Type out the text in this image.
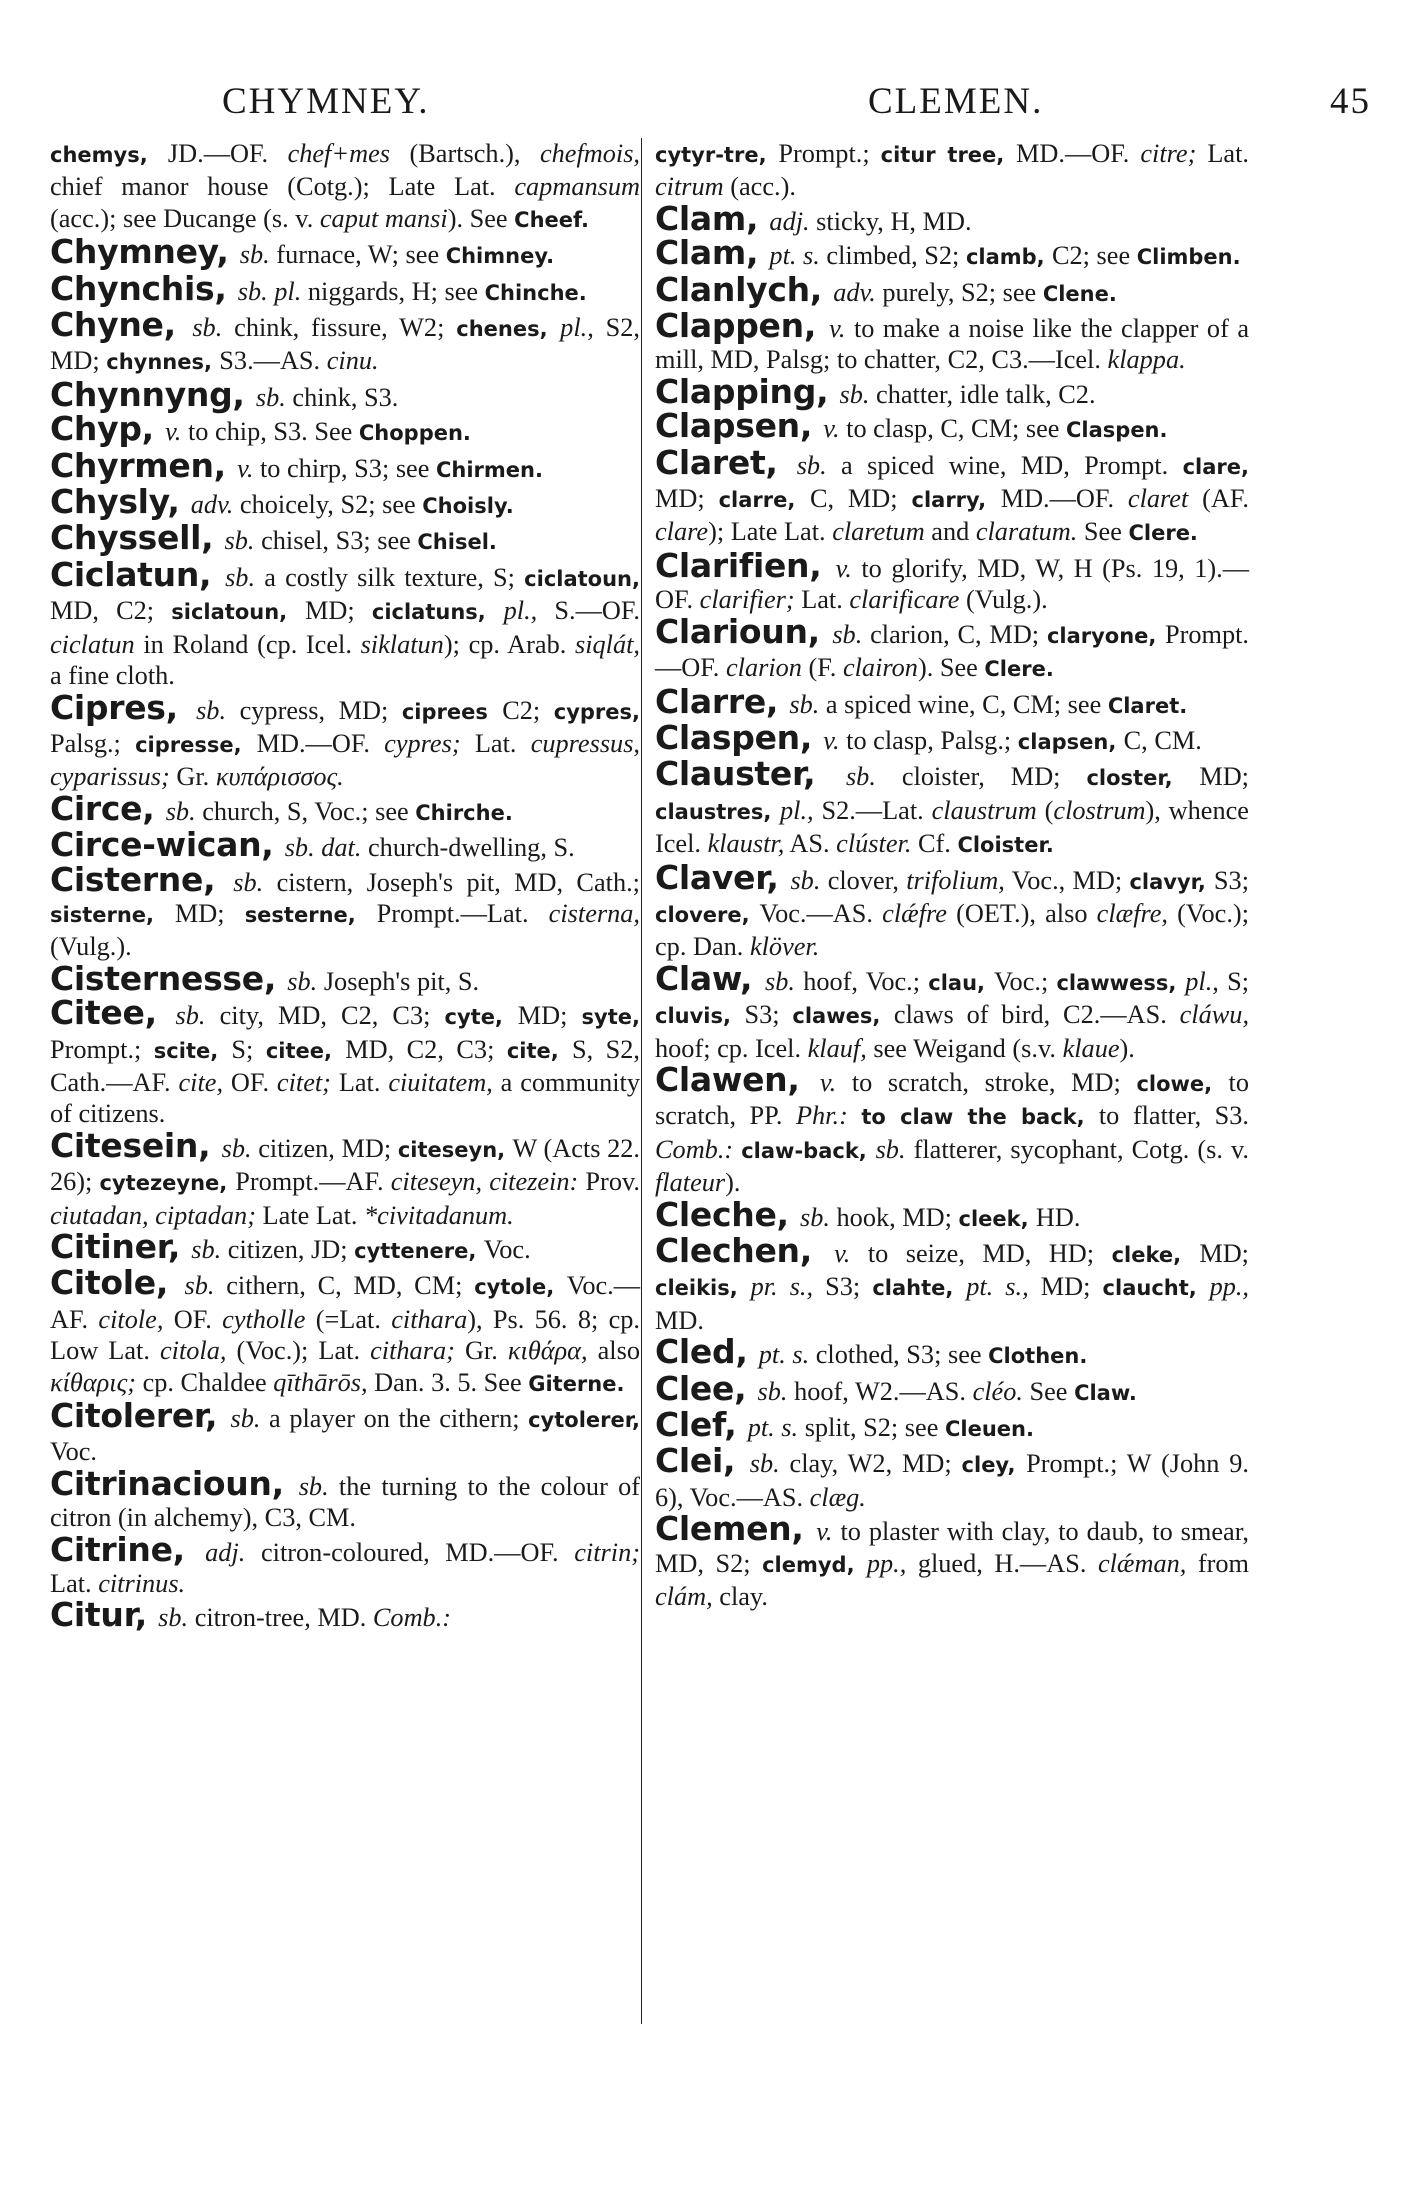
CHYMNEY.	CLEMEN.	45
chemys, JD.—OF. chef+mes (Bartsch.), chefmois, chief manor house (Cotg.); Late Lat. capmansum (acc.); see Ducange (s. v. caput mansi). See Cheef.
Chymney, sb. furnace, W; see Chimney.
Chynchis, sb. pl. niggards, H; see Chinche.
Chyne, sb. chink, fissure, W2; chenes, pl., S2, MD; chynnes, S3.—AS. cinu.
Chynnyng, sb. chink, S3.
Chyp, v. to chip, S3. See Choppen.
Chyrmen, v. to chirp, S3; see Chirmen.
Chysly, adv. choicely, S2; see Choisly.
Chyssell, sb. chisel, S3; see Chisel.
Ciclatun, sb. a costly silk texture, S; ciclatoun, MD, C2; siclatoun, MD; ciclatuns, pl., S.—OF. ciclatun in Roland (cp. Icel. siklatun); cp. Arab. siqlát, a fine cloth.
Cipres, sb. cypress, MD; ciprees C2; cypres, Palsg.; cipresse, MD.—OF. cypres; Lat. cupressus, cyparissus; Gr. κυπάρισσος.
Circe, sb. church, S, Voc.; see Chirche.
Circe-wican, sb. dat. church-dwelling, S.
Cisterne, sb. cistern, Joseph's pit, MD, Cath.; sisterne, MD; sesterne, Prompt.—Lat. cisterna, (Vulg.).
Cisternesse, sb. Joseph's pit, S.
Citee, sb. city, MD, C2, C3; cyte, MD; syte, Prompt.; scite, S; citee, MD, C2, C3; cite, S, S2, Cath.—AF. cite, OF. citet; Lat. ciuitatem, a community of citizens.
Citesein, sb. citizen, MD; citeseyn, W (Acts 22. 26); cytezeyne, Prompt.—AF. citeseyn, citezein: Prov. ciutadan, ciptadan; Late Lat. *civitadanum.
Citiner, sb. citizen, JD; cyttenere, Voc.
Citole, sb. cithern, C, MD, CM; cytole, Voc.—AF. citole, OF. cytholle (=Lat. cithara), Ps. 56. 8; cp. Low Lat. citola, (Voc.); Lat. cithara; Gr. κιθάρα, also κίθαρις; cp. Chaldee qīthārōs, Dan. 3. 5. See Giterne.
Citolerer, sb. a player on the cithern; cytolerer, Voc.
Citrinacioun, sb. the turning to the colour of citron (in alchemy), C3, CM.
Citrine, adj. citron-coloured, MD.—OF. citrin; Lat. citrinus.
Citur, sb. citron-tree, MD. Comb.:
cytyr-tre, Prompt.; citur tree, MD.—OF. citre; Lat. citrum (acc.).
Clam, adj. sticky, H, MD.
Clam, pt. s. climbed, S2; clamb, C2; see Climben.
Clanlych, adv. purely, S2; see Clene.
Clappen, v. to make a noise like the clapper of a mill, MD, Palsg; to chatter, C2, C3.—Icel. klappa.
Clapping, sb. chatter, idle talk, C2.
Clapsen, v. to clasp, C, CM; see Claspen.
Claret, sb. a spiced wine, MD, Prompt. clare, MD; clarre, C, MD; clarry, MD.—OF. claret (AF. clare); Late Lat. claretum and claratum. See Clere.
Clarifien, v. to glorify, MD, W, H (Ps. 19, 1).—OF. clarifier; Lat. clarificare (Vulg.).
Clarioun, sb. clarion, C, MD; claryone, Prompt.—OF. clarion (F. clairon). See Clere.
Clarre, sb. a spiced wine, C, CM; see Claret.
Claspen, v. to clasp, Palsg.; clapsen, C, CM.
Clauster, sb. cloister, MD; closter, MD; claustres, pl., S2.—Lat. claustrum (clostrum), whence Icel. klaustr, AS. clúster. Cf. Cloister.
Claver, sb. clover, trifolium, Voc., MD; clavyr, S3; clovere, Voc.—AS. clǽfre (OET.), also clæfre, (Voc.); cp. Dan. klöver.
Claw, sb. hoof, Voc.; clau, Voc.; clawwess, pl., S; cluvis, S3; clawes, claws of bird, C2.—AS. cláwu, hoof; cp. Icel. klauf, see Weigand (s.v. klaue).
Clawen, v. to scratch, stroke, MD; clowe, to scratch, PP. Phr.: to claw the back, to flatter, S3. Comb.: claw-back, sb. flatterer, sycophant, Cotg. (s. v. flateur).
Cleche, sb. hook, MD; cleek, HD.
Clechen, v. to seize, MD, HD; cleke, MD; cleikis, pr. s., S3; clahte, pt. s., MD; claucht, pp., MD.
Cled, pt. s. clothed, S3; see Clothen.
Clee, sb. hoof, W2.—AS. cléo. See Claw.
Clef, pt. s. split, S2; see Cleuen.
Clei, sb. clay, W2, MD; cley, Prompt.; W (John 9. 6), Voc.—AS. clæg.
Clemen, v. to plaster with clay, to daub, to smear, MD, S2; clemyd, pp., glued, H.—AS. clǽman, from clám, clay.
